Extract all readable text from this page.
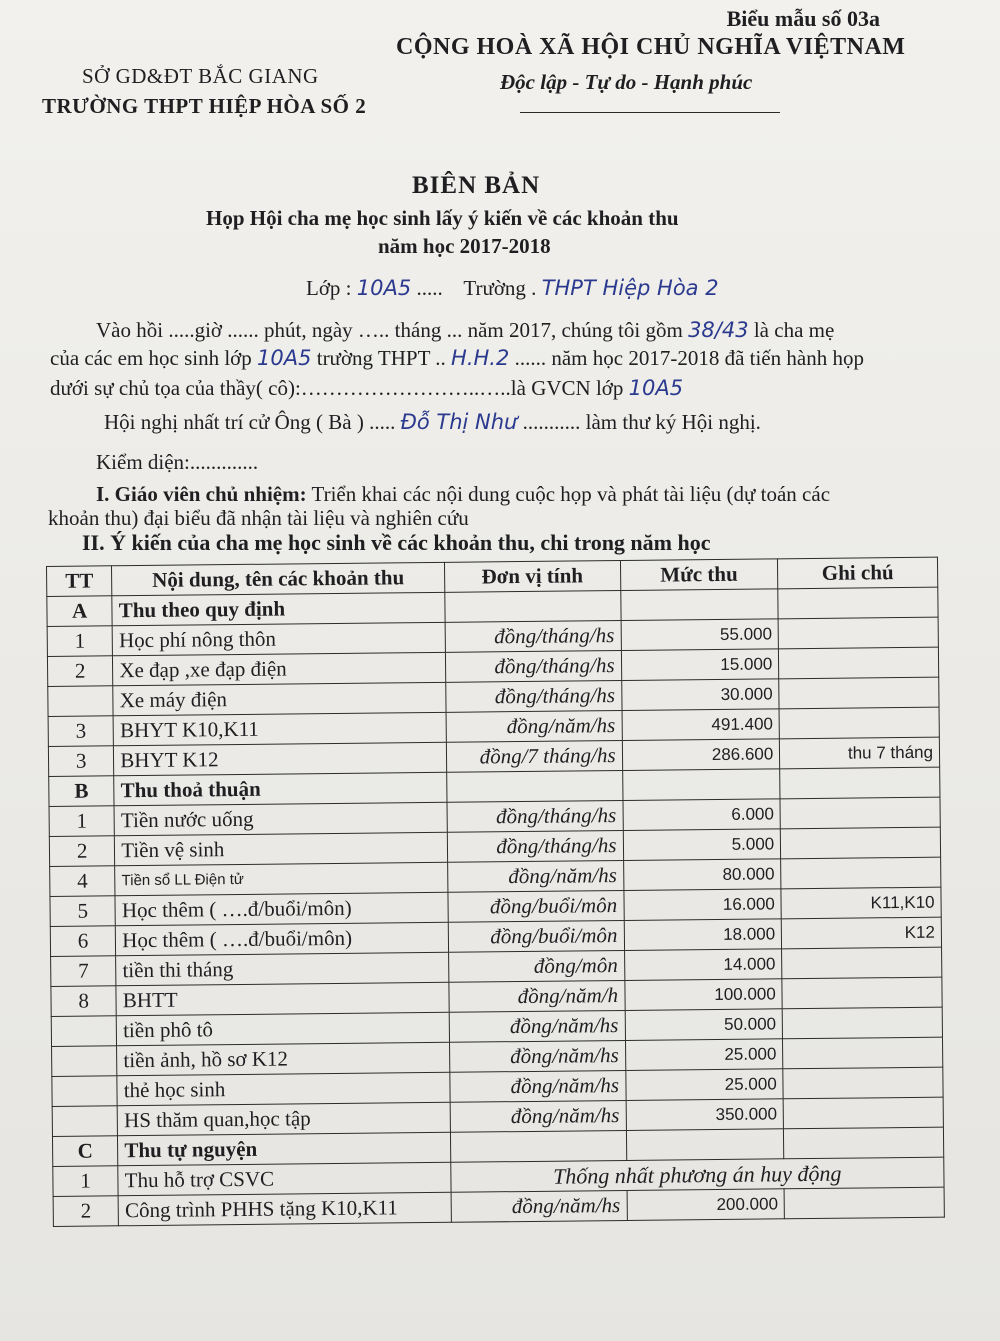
Biểu mẫu số 03a
SỞ GD&ĐT BẮC GIANG
TRƯỜNG THPT HIỆP HÒA SỐ 2
CỘNG HOÀ XÃ HỘI CHỦ NGHĨA VIỆTNAM
Độc lập - Tự do - Hạnh phúc
BIÊN BẢN
Họp Hội cha mẹ học sinh lấy ý kiến về các khoản thu
năm học 2017-2018
Lớp : 10A5 ..... Trường . THPT Hiệp Hòa 2
Vào hồi .....giờ ...... phút, ngày ….. tháng ... năm 2017, chúng tôi gồm 38/43 là cha mẹ
của các em học sinh lớp 10A5 trường THPT .. H.H.2 ...... năm học 2017-2018 đã tiến hành họp
dưới sự chủ tọa của thầy( cô):……………………..…..là GVCN lớp 10A5
Hội nghị nhất trí cử Ông ( Bà ) ..... Đỗ Thị Như ........... làm thư ký Hội nghị.
Kiểm diện:.............
I. Giáo viên chủ nhiệm: Triển khai các nội dung cuộc họp và phát tài liệu (dự toán các
khoản thu) đại biểu đã nhận tài liệu và nghiên cứu
II. Ý kiến của cha mẹ học sinh về các khoản thu, chi trong năm học
TT	Nội dung, tên các khoản thu	Đơn vị tính	Mức thu	Ghi chú
A	Thu theo quy định			
1	Học phí nông thôn	đồng/tháng/hs	55.000	
2	Xe đạp ,xe đạp điện	đồng/tháng/hs	15.000	
	Xe máy điện	đồng/tháng/hs	30.000	
3	BHYT K10,K11	đồng/năm/hs	491.400	
3	BHYT K12	đồng/7 tháng/hs	286.600	thu 7 tháng
B	Thu thoả thuận			
1	Tiền nước uống	đồng/tháng/hs	6.000	
2	Tiền vệ sinh	đồng/tháng/hs	5.000	
4	Tiền sổ LL Điện tử	đồng/năm/hs	80.000	
5	Học thêm ( ….đ/buổi/môn)	đồng/buổi/môn	16.000	K11,K10
6	Học thêm ( ….đ/buổi/môn)	đồng/buổi/môn	18.000	K12
7	tiền thi tháng	đồng/môn	14.000	
8	BHTT	đồng/năm/h	100.000	
	tiền phô tô	đồng/năm/hs	50.000	
	tiền ảnh, hồ sơ K12	đồng/năm/hs	25.000	
	thẻ học sinh	đồng/năm/hs	25.000	
	HS thăm quan,học tập	đồng/năm/hs	350.000	
C	Thu tự nguyện			
1	Thu hỗ trợ CSVC	Thống nhất phương án huy động		
2	Công trình PHHS tặng K10,K11	đồng/năm/hs	200.000	
